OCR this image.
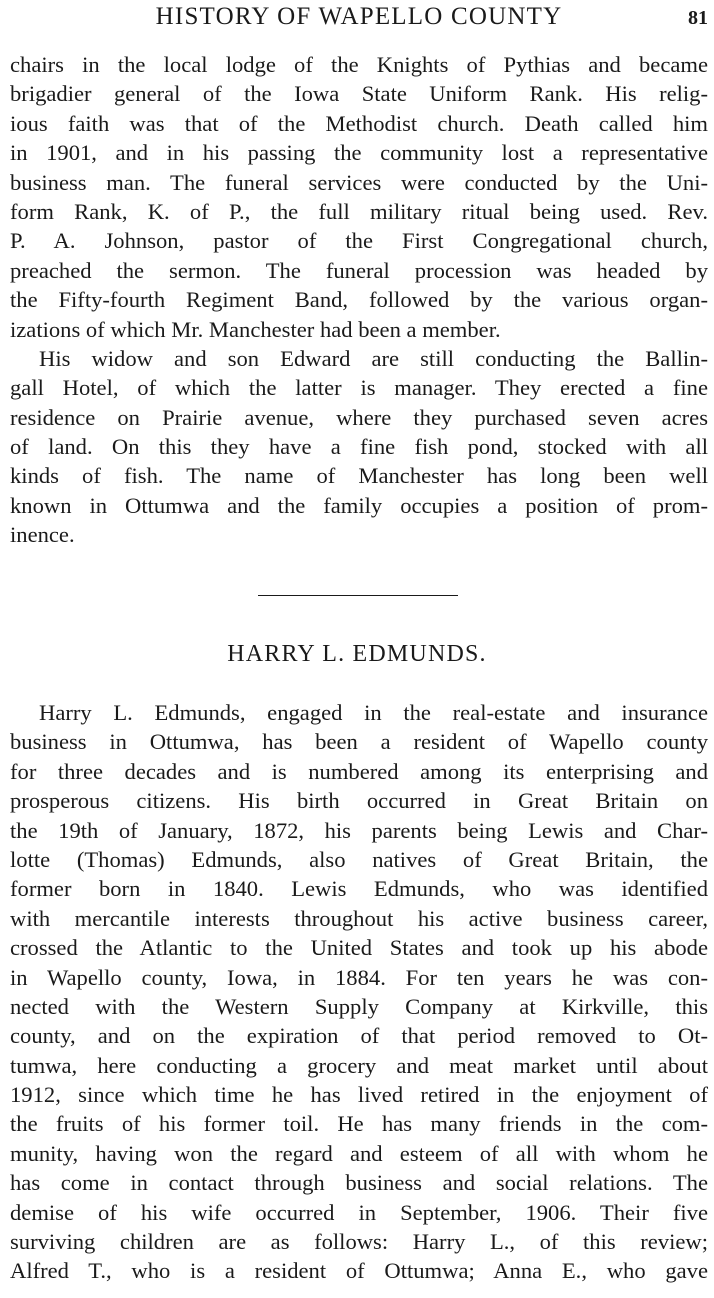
HISTORY OF WAPELLO COUNTY	81
chairs in the local lodge of the Knights of Pythias and became
brigadier general of the Iowa State Uniform Rank. His relig-
ious faith was that of the Methodist church. Death called him
in 1901, and in his passing the community lost a representative
business man. The funeral services were conducted by the Uni-
form Rank, K. of P., the full military ritual being used. Rev.
P. A. Johnson, pastor of the First Congregational church,
preached the sermon. The funeral procession was headed by
the Fifty-fourth Regiment Band, followed by the various organ-
izations of which Mr. Manchester had been a member.
His widow and son Edward are still conducting the Ballin-
gall Hotel, of which the latter is manager. They erected a fine
residence on Prairie avenue, where they purchased seven acres
of land. On this they have a fine fish pond, stocked with all
kinds of fish. The name of Manchester has long been well
known in Ottumwa and the family occupies a position of prom-
inence.
HARRY L. EDMUNDS.
Harry L. Edmunds, engaged in the real-estate and insurance
business in Ottumwa, has been a resident of Wapello county
for three decades and is numbered among its enterprising and
prosperous citizens. His birth occurred in Great Britain on
the 19th of January, 1872, his parents being Lewis and Char-
lotte (Thomas) Edmunds, also natives of Great Britain, the
former born in 1840. Lewis Edmunds, who was identified
with mercantile interests throughout his active business career,
crossed the Atlantic to the United States and took up his abode
in Wapello county, Iowa, in 1884. For ten years he was con-
nected with the Western Supply Company at Kirkville, this
county, and on the expiration of that period removed to Ot-
tumwa, here conducting a grocery and meat market until about
1912, since which time he has lived retired in the enjoyment of
the fruits of his former toil. He has many friends in the com-
munity, having won the regard and esteem of all with whom he
has come in contact through business and social relations. The
demise of his wife occurred in September, 1906. Their five
surviving children are as follows: Harry L., of this review;
Alfred T., who is a resident of Ottumwa; Anna E., who gave
